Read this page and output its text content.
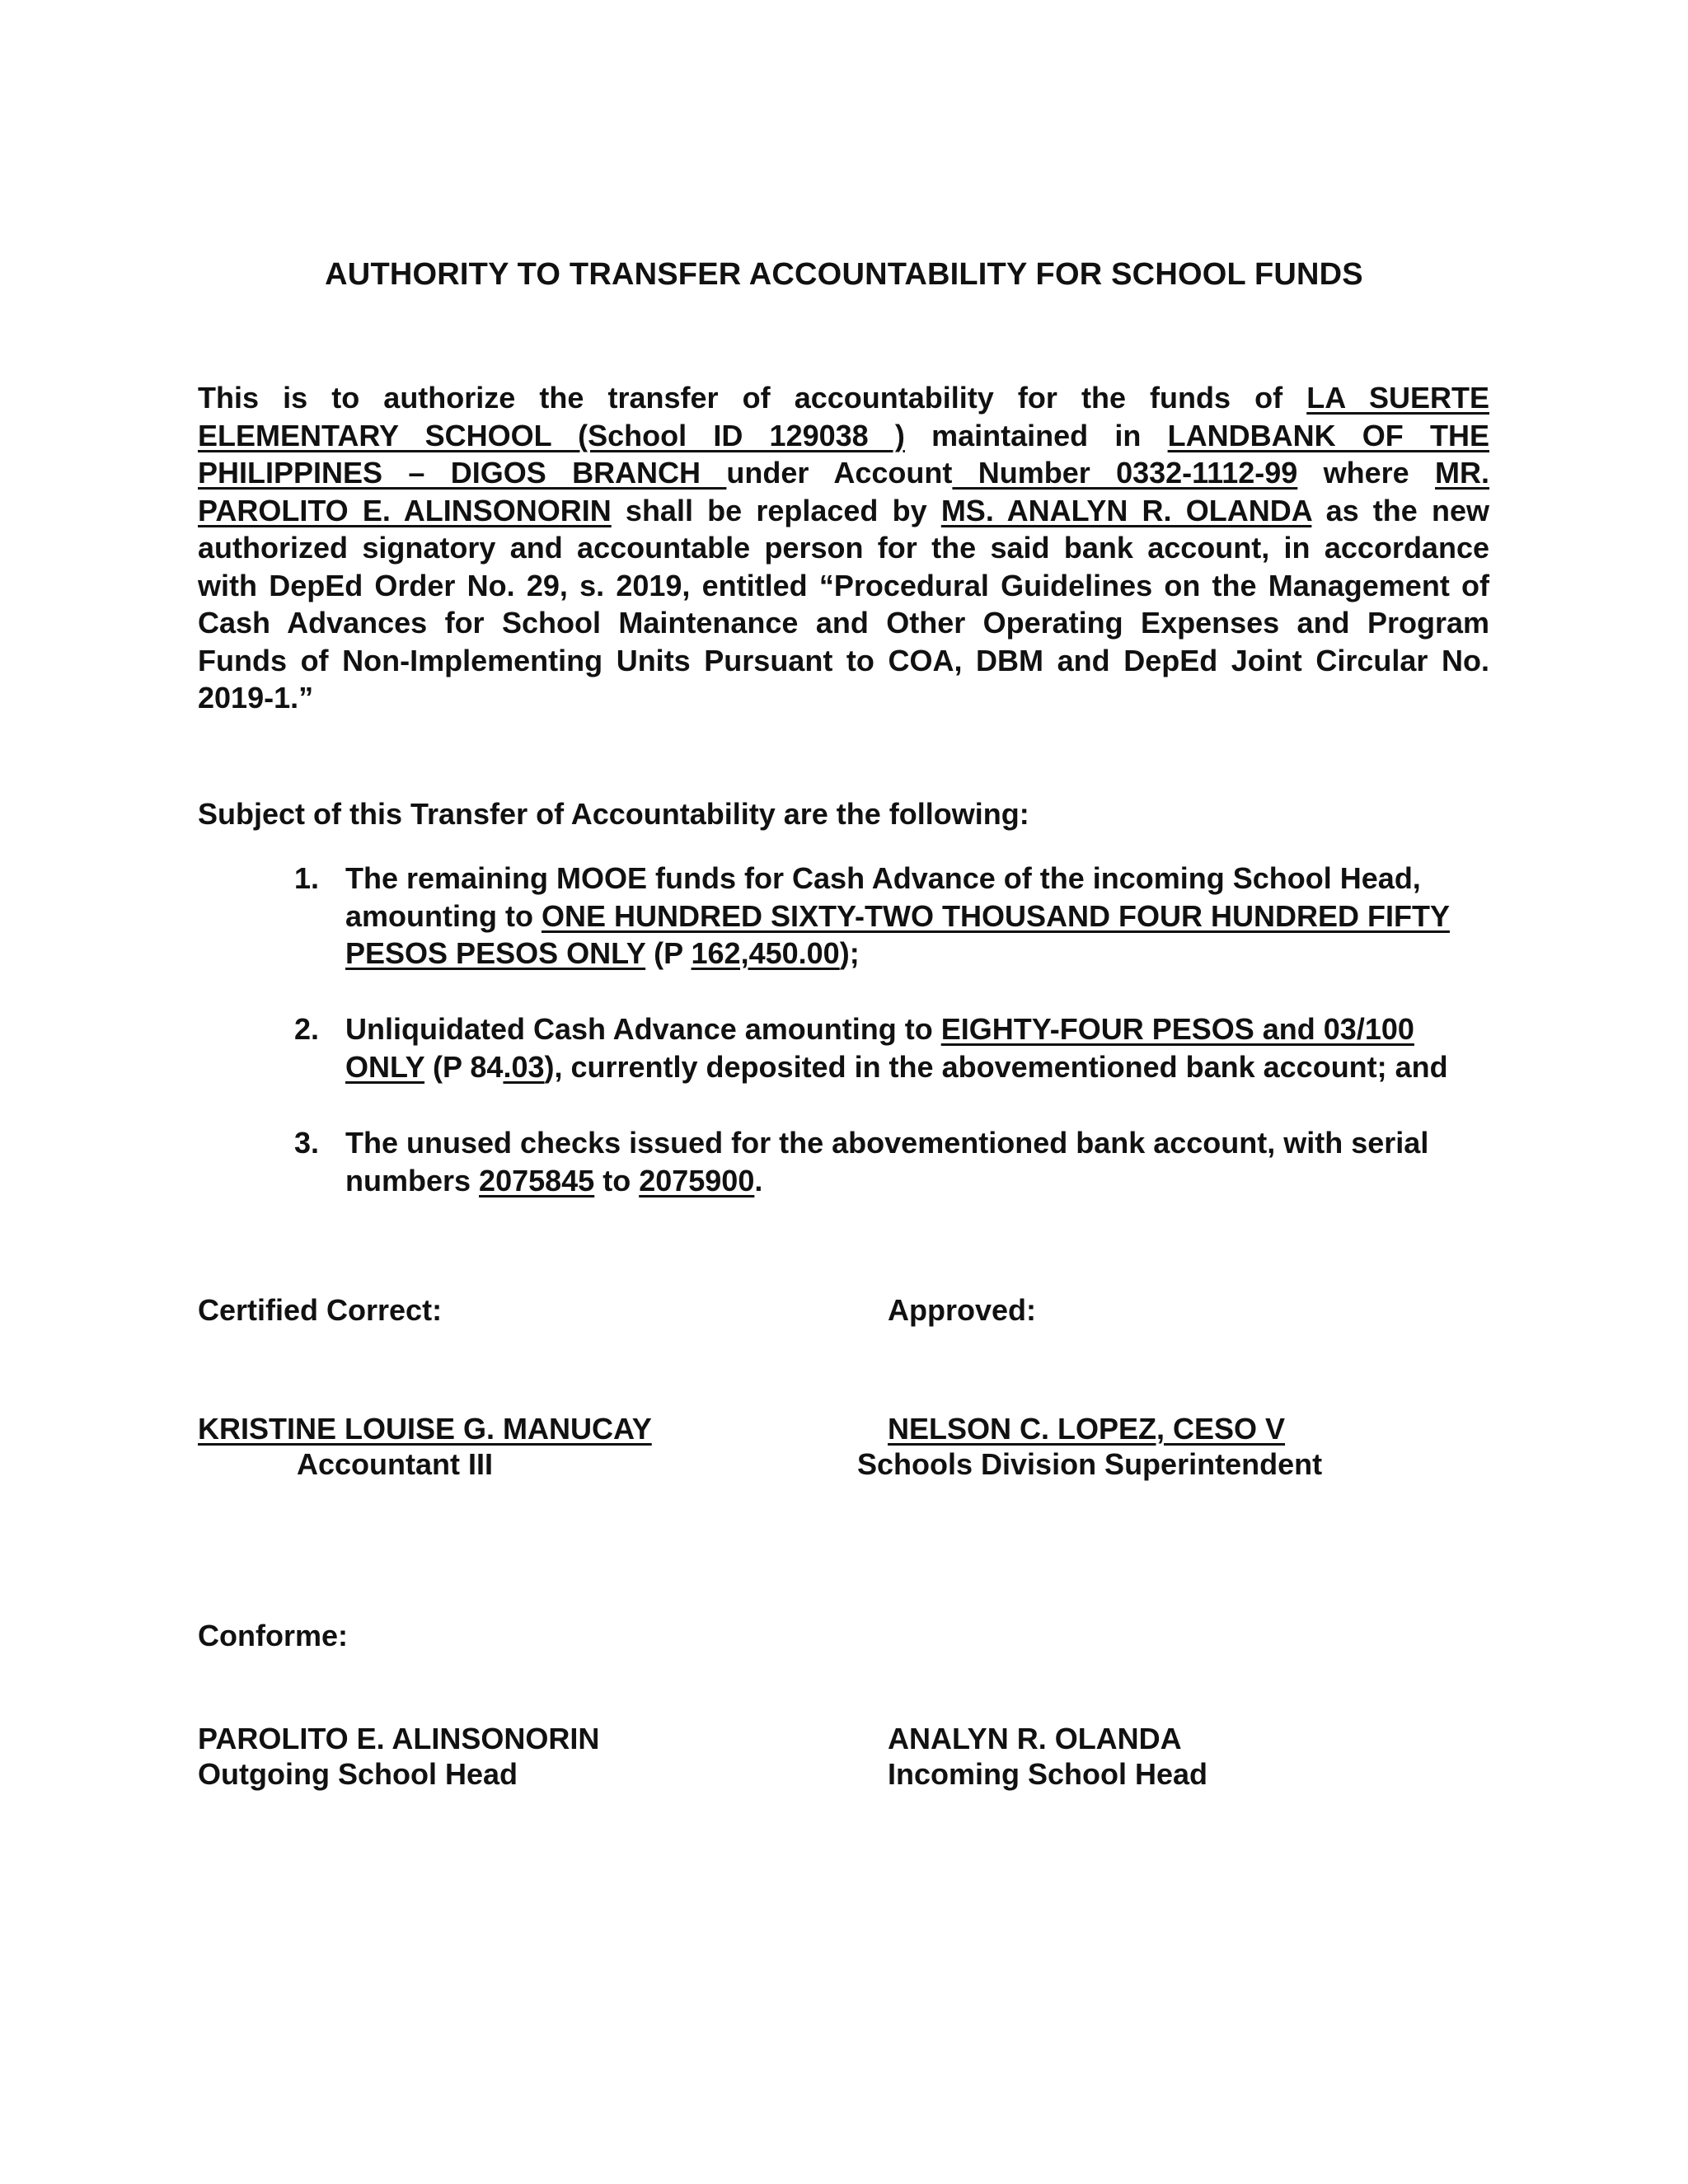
AUTHORITY TO TRANSFER ACCOUNTABILITY FOR SCHOOL FUNDS
This is to authorize the transfer of accountability for the funds of LA SUERTE ELEMENTARY SCHOOL (School ID 129038 ) maintained in LANDBANK OF THE PHILIPPINES – DIGOS BRANCH under Account Number 0332-1112-99 where MR. PAROLITO E. ALINSONORIN shall be replaced by MS. ANALYN R. OLANDA as the new authorized signatory and accountable person for the said bank account, in accordance with DepEd Order No. 29, s. 2019, entitled “Procedural Guidelines on the Management of Cash Advances for School Maintenance and Other Operating Expenses and Program Funds of Non-Implementing Units Pursuant to COA, DBM and DepEd Joint Circular No. 2019-1.”
Subject of this Transfer of Accountability are the following:
1. The remaining MOOE funds for Cash Advance of the incoming School Head, amounting to ONE HUNDRED SIXTY-TWO THOUSAND FOUR HUNDRED FIFTY PESOS PESOS ONLY (P 162,450.00);
2. Unliquidated Cash Advance amounting to EIGHTY-FOUR PESOS and 03/100 ONLY (P 84.03), currently deposited in the abovementioned bank account; and
3. The unused checks issued for the abovementioned bank account, with serial numbers 2075845 to 2075900.
Certified Correct:	Approved:
KRISTINE LOUISE G. MANUCAY
Accountant III
NELSON C. LOPEZ, CESO V
Schools Division Superintendent
Conforme:
PAROLITO E. ALINSONORIN
Outgoing School Head
ANALYN R. OLANDA
Incoming School Head
